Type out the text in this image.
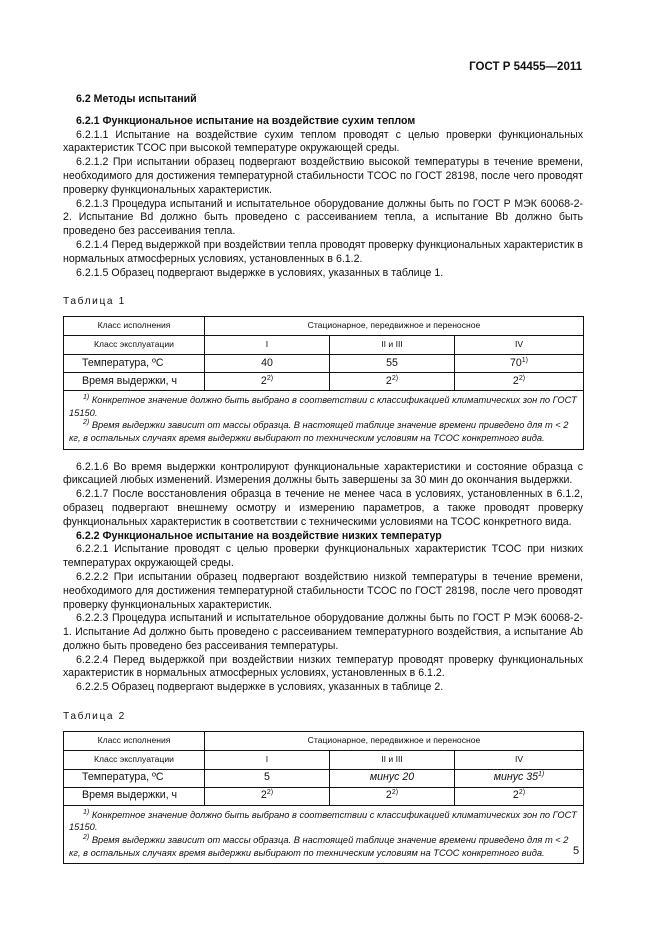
ГОСТ Р 54455—2011
6.2 Методы испытаний
6.2.1 Функциональное испытание на воздействие сухим теплом

6.2.1.1 Испытание на воздействие сухим теплом проводят с целью проверки функциональных характеристик ТСОС при высокой температуре окружающей среды.

6.2.1.2 При испытании образец подвергают воздействию высокой температуры в течение времени, необходимого для достижения температурной стабильности ТСОС по ГОСТ 28198, после чего проводят проверку функциональных характеристик.

6.2.1.3 Процедура испытаний и испытательное оборудование должны быть по ГОСТ Р МЭК 60068-2-2. Испытание Bd должно быть проведено с рассеиванием тепла, а испытание Bb должно быть проведено без рассеивания тепла.

6.2.1.4 Перед выдержкой при воздействии тепла проводят проверку функциональных характеристик в нормальных атмосферных условиях, установленных в 6.1.2.

6.2.1.5 Образец подвергают выдержке в условиях, указанных в таблице 1.

Таблица 1
Класс исполнения	Стационарное, передвижное и переносное		
Класс эксплуатации	I	II и III	IV
Температура, ºС	40	55	70$^{1)}$
Время выдержки, ч	2$^{2)}$	2$^{2)}$	2$^{2)}$

$^{1)}$ Конкретное значение должно быть выбрано в соответствии с классификацией климатических зон по ГОСТ 15150.
$^{2)}$ Время выдержки зависит от массы образца. В настоящей таблице значение времени приведено для m < 2 кг, в остальных случаях время выдержки выбирают по техническим условиям на ТСОС конкретного вида.			

6.2.1.6 Во время выдержки контролируют функциональные характеристики и состояние образца с фиксацией любых изменений. Измерения должны быть завершены за 30 мин до окончания выдержки.

6.2.1.7 После восстановления образца в течение не менее часа в условиях, установленных в 6.1.2, образец подвергают внешнему осмотру и измерению параметров, а также проводят проверку функциональных характеристик в соответствии с техническими условиями на ТСОС конкретного вида.

6.2.2 Функциональное испытание на воздействие низких температур

6.2.2.1 Испытание проводят с целью проверки функциональных характеристик ТСОС при низких температурах окружающей среды.

6.2.2.2 При испытании образец подвергают воздействию низкой температуры в течение времени, необходимого для достижения температурной стабильности ТСОС по ГОСТ 28198, после чего проводят проверку функциональных характеристик.

6.2.2.3 Процедура испытаний и испытательное оборудование должны быть по ГОСТ Р МЭК 60068-2-1. Испытание Ad должно быть проведено с рассеиванием температурного воздействия, а испытание Ab должно быть проведено без рассеивания температуры.

6.2.2.4 Перед выдержкой при воздействии низких температур проводят проверку функциональных характеристик в нормальных атмосферных условиях, установленных в 6.1.2.

6.2.2.5 Образец подвергают выдержке в условиях, указанных в таблице 2.

Таблица 2
Класс исполнения	Стационарное, передвижное и переносное		
Класс эксплуатации	I	II и III	IV
Температура, ºС	5	минус 20	минус 35$^{1)}$
Время выдержки, ч	2$^{2)}$	2$^{2)}$	2$^{2)}$

$^{1)}$ Конкретное значение должно быть выбрано в соответствии с классификацией климатических зон по ГОСТ 15150.
$^{2)}$ Время выдержки зависит от массы образца. В настоящей таблице значение времени приведено для m < 2 кг, в остальных случаях время выдержки выбирают по техническим условиям на ТСОС конкретного вида.				5
